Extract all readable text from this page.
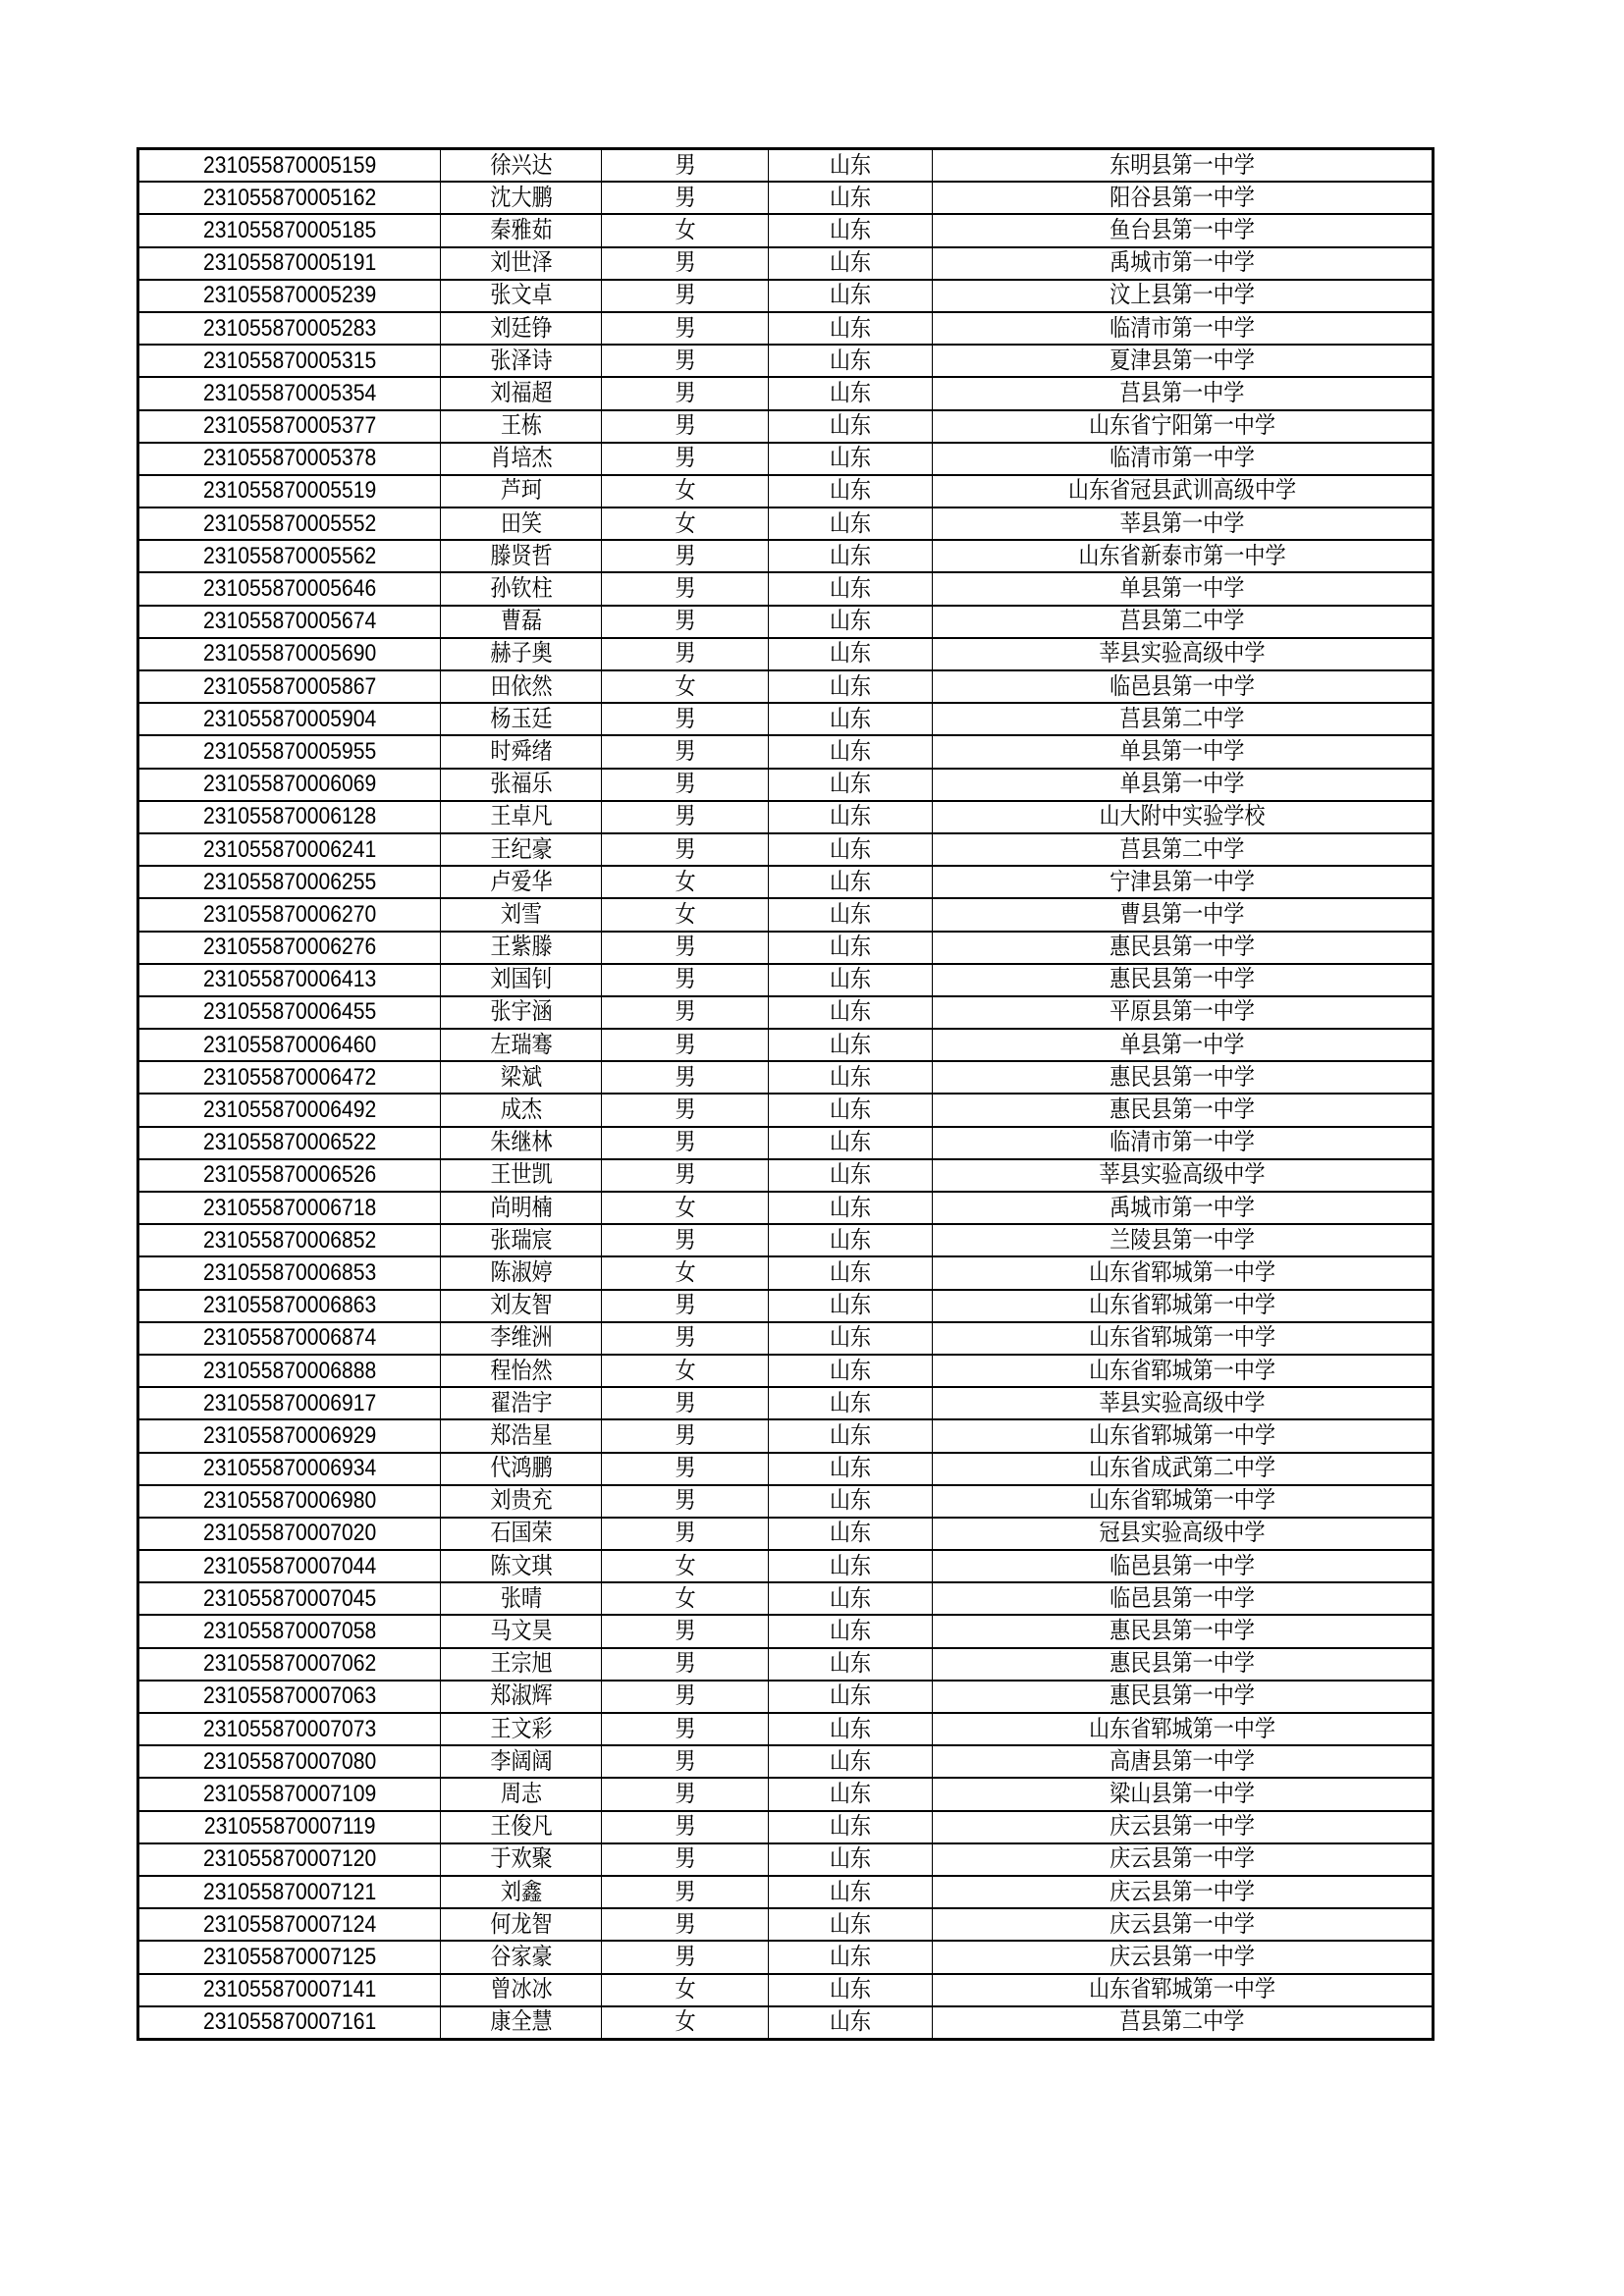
231055870005159	徐兴达	男	山东	东明县第一中学
231055870005162	沈大鹏	男	山东	阳谷县第一中学
231055870005185	秦雅茹	女	山东	鱼台县第一中学
231055870005191	刘世泽	男	山东	禹城市第一中学
231055870005239	张文卓	男	山东	汶上县第一中学
231055870005283	刘廷铮	男	山东	临清市第一中学
231055870005315	张泽诗	男	山东	夏津县第一中学
231055870005354	刘福超	男	山东	莒县第一中学
231055870005377	王栋	男	山东	山东省宁阳第一中学
231055870005378	肖培杰	男	山东	临清市第一中学
231055870005519	芦珂	女	山东	山东省冠县武训高级中学
231055870005552	田笑	女	山东	莘县第一中学
231055870005562	滕贤哲	男	山东	山东省新泰市第一中学
231055870005646	孙钦柱	男	山东	单县第一中学
231055870005674	曹磊	男	山东	莒县第二中学
231055870005690	赫子奥	男	山东	莘县实验高级中学
231055870005867	田依然	女	山东	临邑县第一中学
231055870005904	杨玉廷	男	山东	莒县第二中学
231055870005955	时舜绪	男	山东	单县第一中学
231055870006069	张福乐	男	山东	单县第一中学
231055870006128	王卓凡	男	山东	山大附中实验学校
231055870006241	王纪豪	男	山东	莒县第二中学
231055870006255	卢爱华	女	山东	宁津县第一中学
231055870006270	刘雪	女	山东	曹县第一中学
231055870006276	王紫滕	男	山东	惠民县第一中学
231055870006413	刘国钊	男	山东	惠民县第一中学
231055870006455	张宇涵	男	山东	平原县第一中学
231055870006460	左瑞骞	男	山东	单县第一中学
231055870006472	梁斌	男	山东	惠民县第一中学
231055870006492	成杰	男	山东	惠民县第一中学
231055870006522	朱继林	男	山东	临清市第一中学
231055870006526	王世凯	男	山东	莘县实验高级中学
231055870006718	尚明楠	女	山东	禹城市第一中学
231055870006852	张瑞宸	男	山东	兰陵县第一中学
231055870006853	陈淑婷	女	山东	山东省郓城第一中学
231055870006863	刘友智	男	山东	山东省郓城第一中学
231055870006874	李维洲	男	山东	山东省郓城第一中学
231055870006888	程怡然	女	山东	山东省郓城第一中学
231055870006917	翟浩宇	男	山东	莘县实验高级中学
231055870006929	郑浩星	男	山东	山东省郓城第一中学
231055870006934	代鸿鹏	男	山东	山东省成武第二中学
231055870006980	刘贵充	男	山东	山东省郓城第一中学
231055870007020	石国荣	男	山东	冠县实验高级中学
231055870007044	陈文琪	女	山东	临邑县第一中学
231055870007045	张晴	女	山东	临邑县第一中学
231055870007058	马文昊	男	山东	惠民县第一中学
231055870007062	王宗旭	男	山东	惠民县第一中学
231055870007063	郑淑辉	男	山东	惠民县第一中学
231055870007073	王文彩	男	山东	山东省郓城第一中学
231055870007080	李阔阔	男	山东	高唐县第一中学
231055870007109	周志	男	山东	梁山县第一中学
231055870007119	王俊凡	男	山东	庆云县第一中学
231055870007120	于欢聚	男	山东	庆云县第一中学
231055870007121	刘鑫	男	山东	庆云县第一中学
231055870007124	何龙智	男	山东	庆云县第一中学
231055870007125	谷家豪	男	山东	庆云县第一中学
231055870007141	曾冰冰	女	山东	山东省郓城第一中学
231055870007161	康全慧	女	山东	莒县第二中学
